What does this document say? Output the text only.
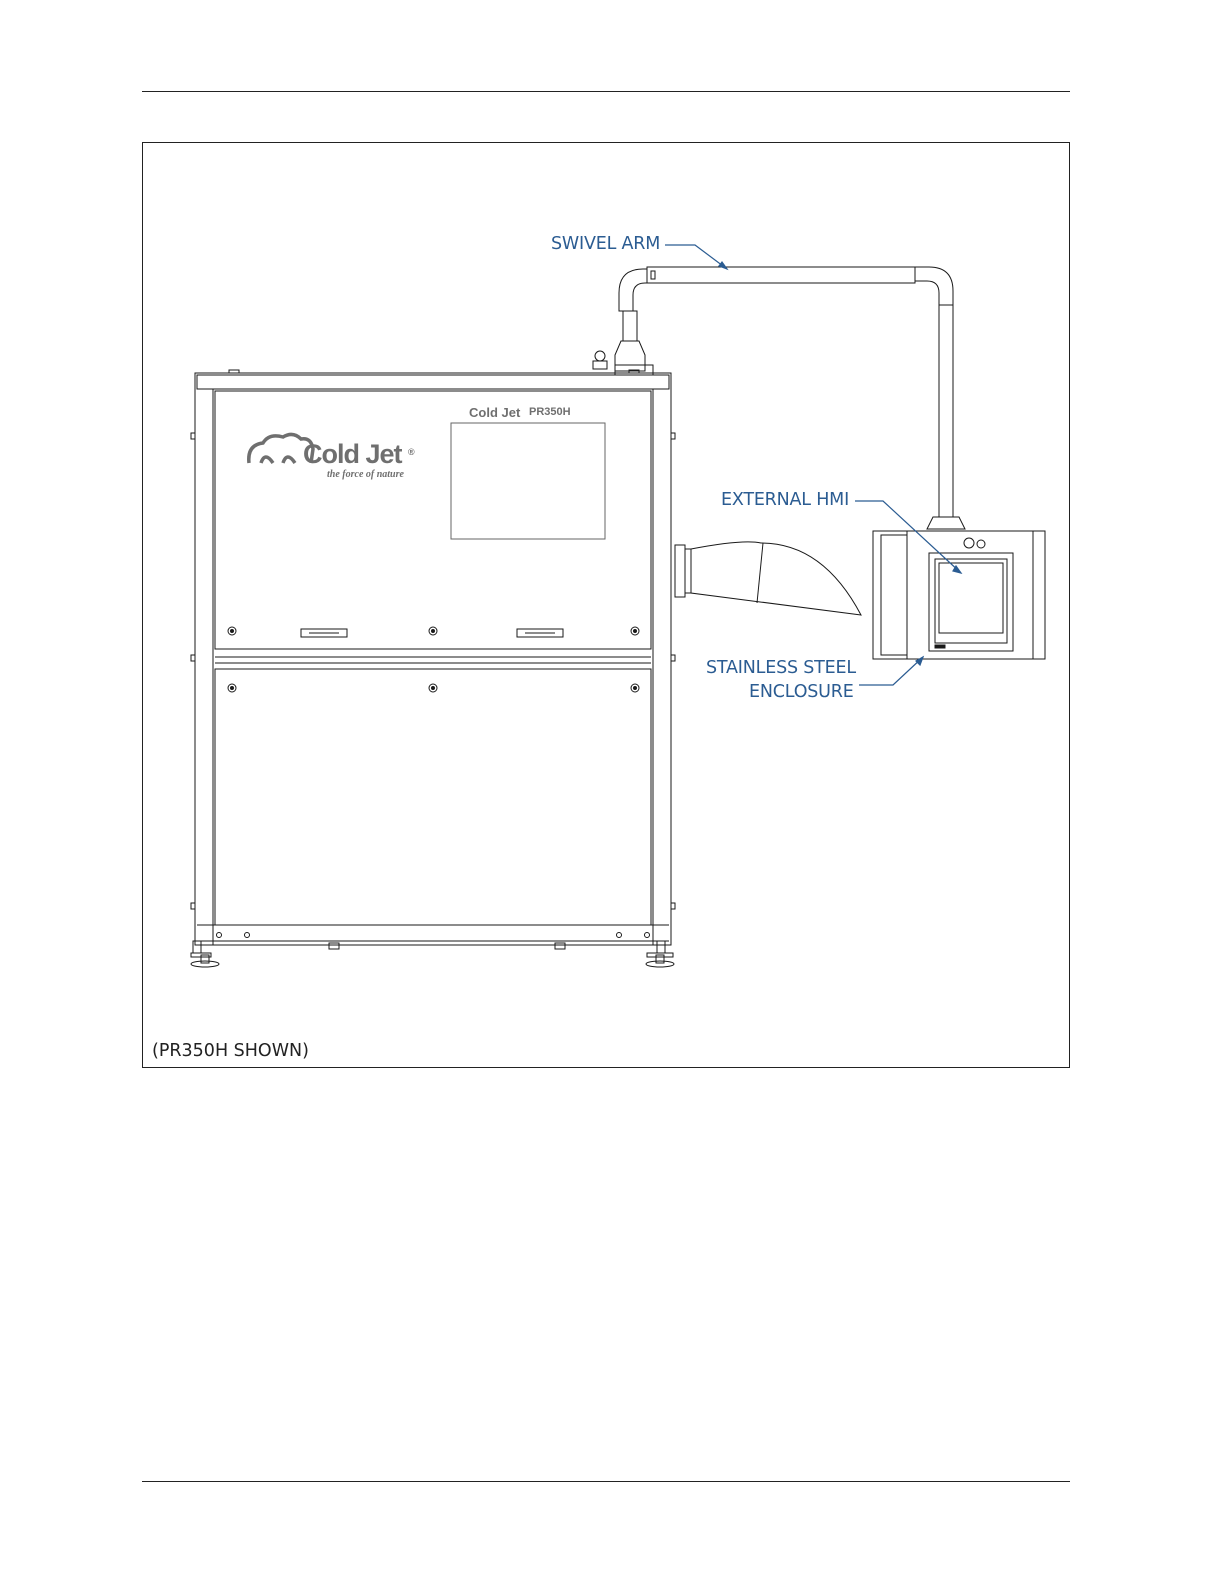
Cold Jet ®
the force of nature
Cold Jet PR350H
SWIVEL ARM
EXTERNAL HMI
STAINLESS STEEL
ENCLOSURE
(PR350H SHOWN)
